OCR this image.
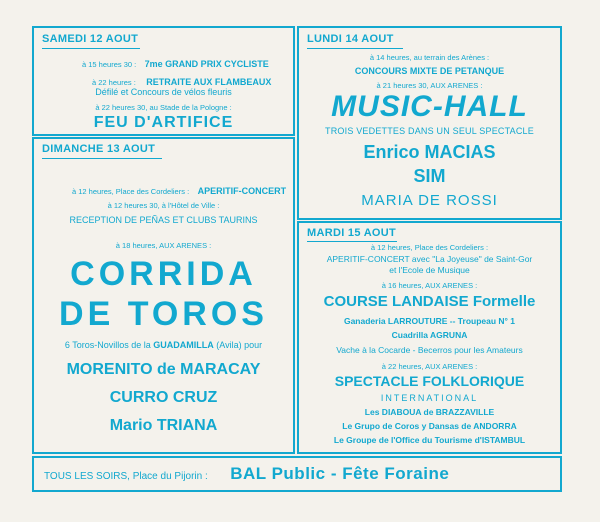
SAMEDI 12 AOUT
à 15 heures 30 : 7me GRAND PRIX CYCLISTE
à 22 heures : RETRAITE AUX FLAMBEAUX
Défilé et Concours de vélos fleuris
à 22 heures 30, au Stade de la Pologne :
FEU D'ARTIFICE
DIMANCHE 13 AOUT
à 12 heures, Place des Cordeliers : APERITIF-CONCERT
à 12 heures 30, à l'Hôtel de Ville :
RECEPTION DE PEÑAS ET CLUBS TAURINS
à 18 heures, AUX ARENES :
CORRIDA
DE TOROS
6 Toros-Novillos de la GUADAMILLA (Avila) pour
MORENITO de MARACAY
CURRO CRUZ
Mario TRIANA
LUNDI 14 AOUT
à 14 heures, au terrain des Arènes :
CONCOURS MIXTE DE PETANQUE
à 21 heures 30, AUX ARENES :
MUSIC-HALL
TROIS VEDETTES DANS UN SEUL SPECTACLE
Enrico MACIAS
SIM
MARIA DE ROSSI
MARDI 15 AOUT
à 12 heures, Place des Cordeliers :
APERITIF-CONCERT avec "La Joyeuse" de Saint-Gor
et l'Ecole de Musique
à 16 heures, AUX ARENES :
COURSE LANDAISE Formelle
Ganaderia LARROUTURE -- Troupeau N° 1
Cuadrilla AGRUNA
Vache à la Cocarde - Becerros pour les Amateurs
à 22 heures, AUX ARENES :
SPECTACLE FOLKLORIQUE
INTERNATIONAL
Les DIABOUA de BRAZZAVILLE
Le Grupo de Coros y Dansas de ANDORRA
Le Groupe de l'Office du Tourisme d'ISTAMBUL
TOUS LES SOIRS, Place du Pijorin : BAL Public - Fête Foraine
